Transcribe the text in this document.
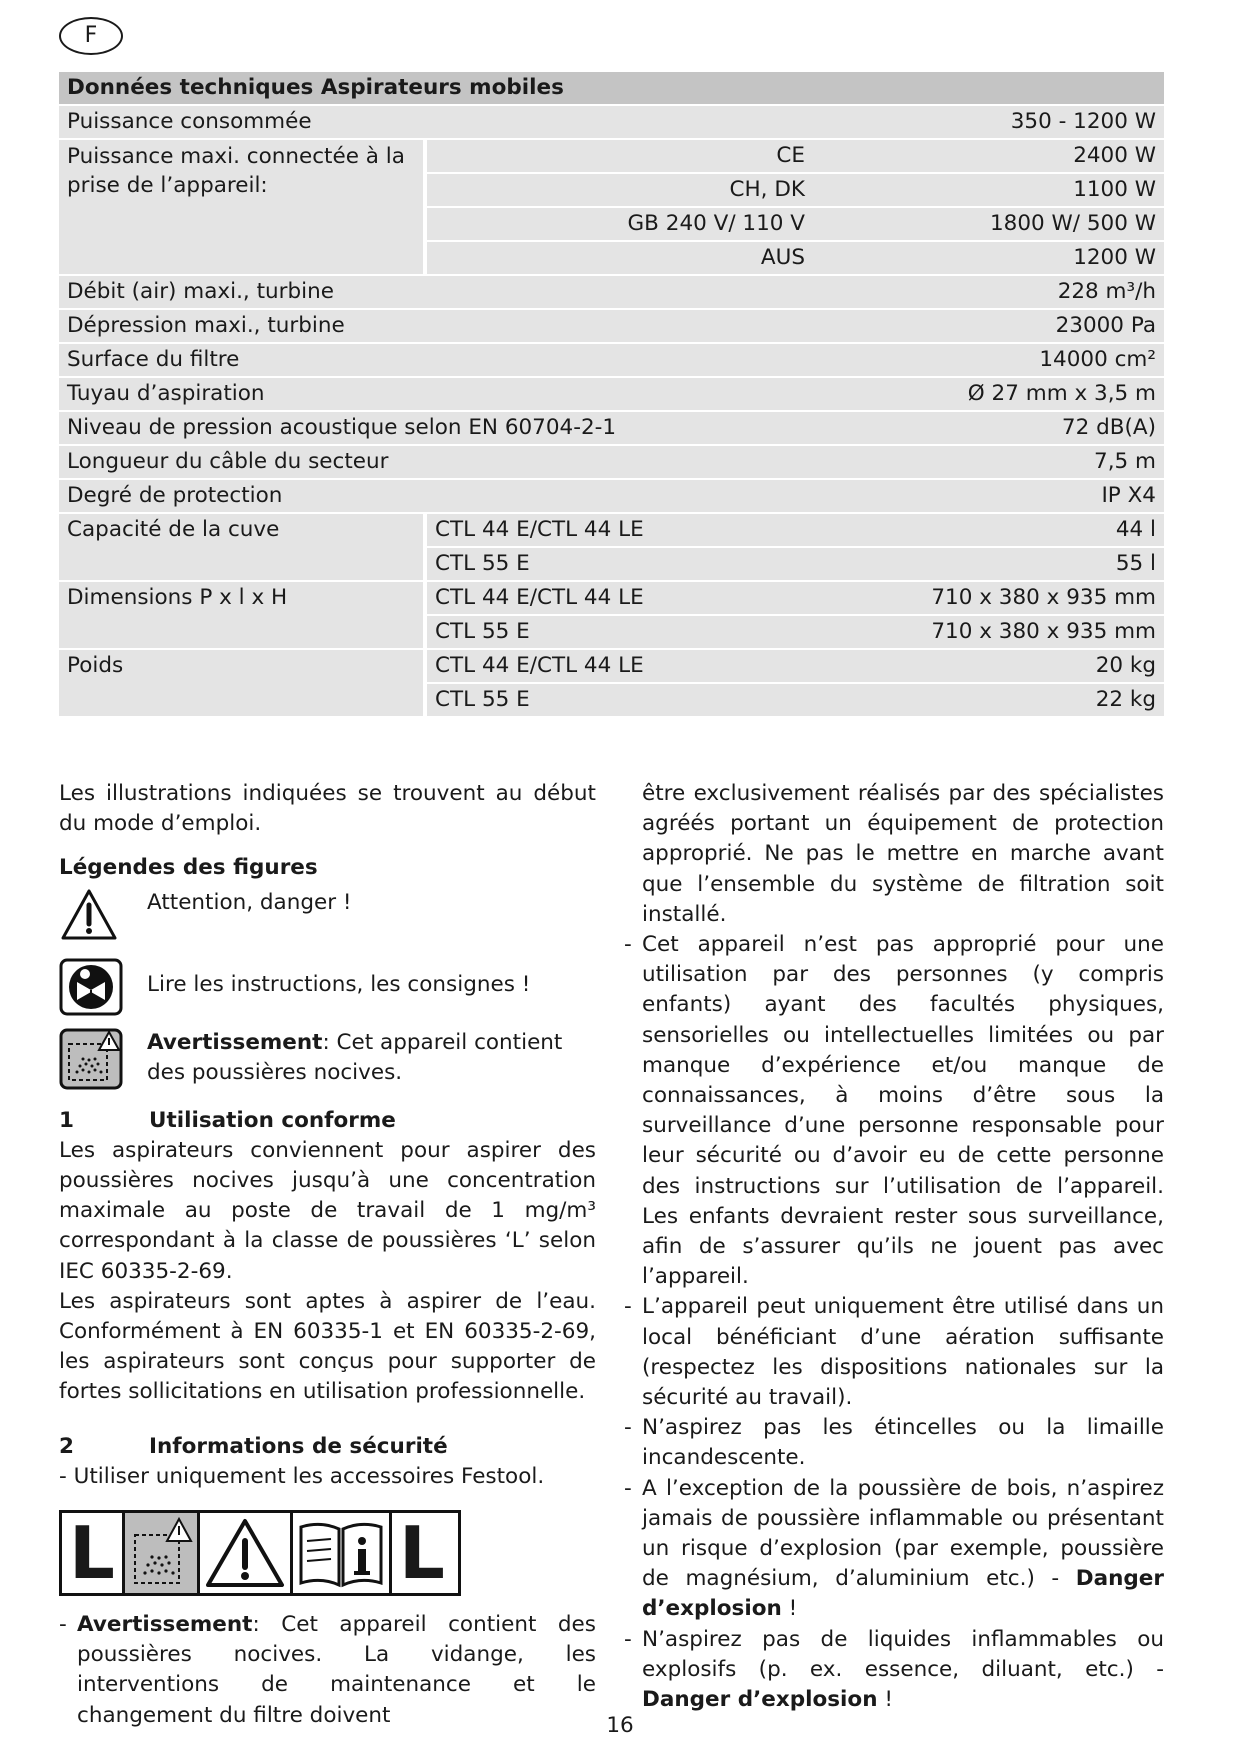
F
Données techniques Aspirateurs mobiles		
Puissance consommée		350 - 1200 W
Puissance maxi. connectée à la prise de l’appareil:	CE	2400 W
	CH, DK	1100 W
	GB 240 V/ 110 V	1800 W/ 500 W
	AUS	1200 W
Débit (air) maxi., turbine		228 m³/h
Dépression maxi., turbine		23000 Pa
Surface du filtre		14000 cm²
Tuyau d’aspiration		Ø 27 mm x 3,5 m
Niveau de pression acoustique selon EN 60704-2-1		72 dB(A)
Longueur du câble du secteur		7,5 m
Degré de protection		IP X4
Capacité de la cuve	CTL 44 E/CTL 44 LE	44 l
	CTL 55 E	55 l
Dimensions P x l x H	CTL 44 E/CTL 44 LE	710 x 380 x 935 mm
	CTL 55 E	710 x 380 x 935 mm
Poids	CTL 44 E/CTL 44 LE	20 kg
	CTL 55 E	22 kg

Les illustrations indiquées se trouvent au début du mode d’emploi.

Légendes des figures

Attention, danger !
Lire les instructions, les consignes !
Avertissement: Cet appareil contient des poussières nocives.
1	Utilisation conforme

Les aspirateurs conviennent pour aspirer des poussières nocives jusqu’à une concentration maximale au poste de travail de 1 mg/m³ correspondant à la classe de poussières ‘L’ selon IEC 60335-2-69.

Les aspirateurs sont aptes à aspirer de l’eau. Conformément à EN 60335-1 et EN 60335-2-69, les aspirateurs sont conçus pour supporter de fortes sollicitations en utilisation professionnelle.

2	Informations de sécurité

- Utiliser uniquement les accessoires Festool.

L	L
- Avertissement: Cet appareil contient des poussières nocives. La vidange, les interventions de maintenance et le changement du filtre doivent

être exclusivement réalisés par des spécialistes agréés portant un équipement de protection approprié. Ne pas le mettre en marche avant que l’ensemble du système de filtration soit installé.

- Cet appareil n’est pas approprié pour une utilisation par des personnes (y compris enfants) ayant des facultés physiques, sensorielles ou intellectuelles limitées ou par manque d’expérience et/ou manque de connaissances, à moins d’être sous la surveillance d’une personne responsable pour leur sécurité ou d’avoir eu de cette personne des instructions sur l’utilisation de l’appareil. Les enfants devraient rester sous surveillance, afin de s’assurer qu’ils ne jouent pas avec l’appareil.
- L’appareil peut uniquement être utilisé dans un local bénéficiant d’une aération suffisante (respectez les dispositions nationales sur la sécurité au travail).
- N’aspirez pas les étincelles ou la limaille incandescente.
- A l’exception de la poussière de bois, n’aspirez jamais de poussière inflammable ou présentant un risque d’explosion (par exemple, poussière de magnésium, d’aluminium etc.) - Danger d’explosion !
- N’aspirez pas de liquides inflammables ou explosifs (p. ex. essence, diluant, etc.) - Danger d’explosion !
16
